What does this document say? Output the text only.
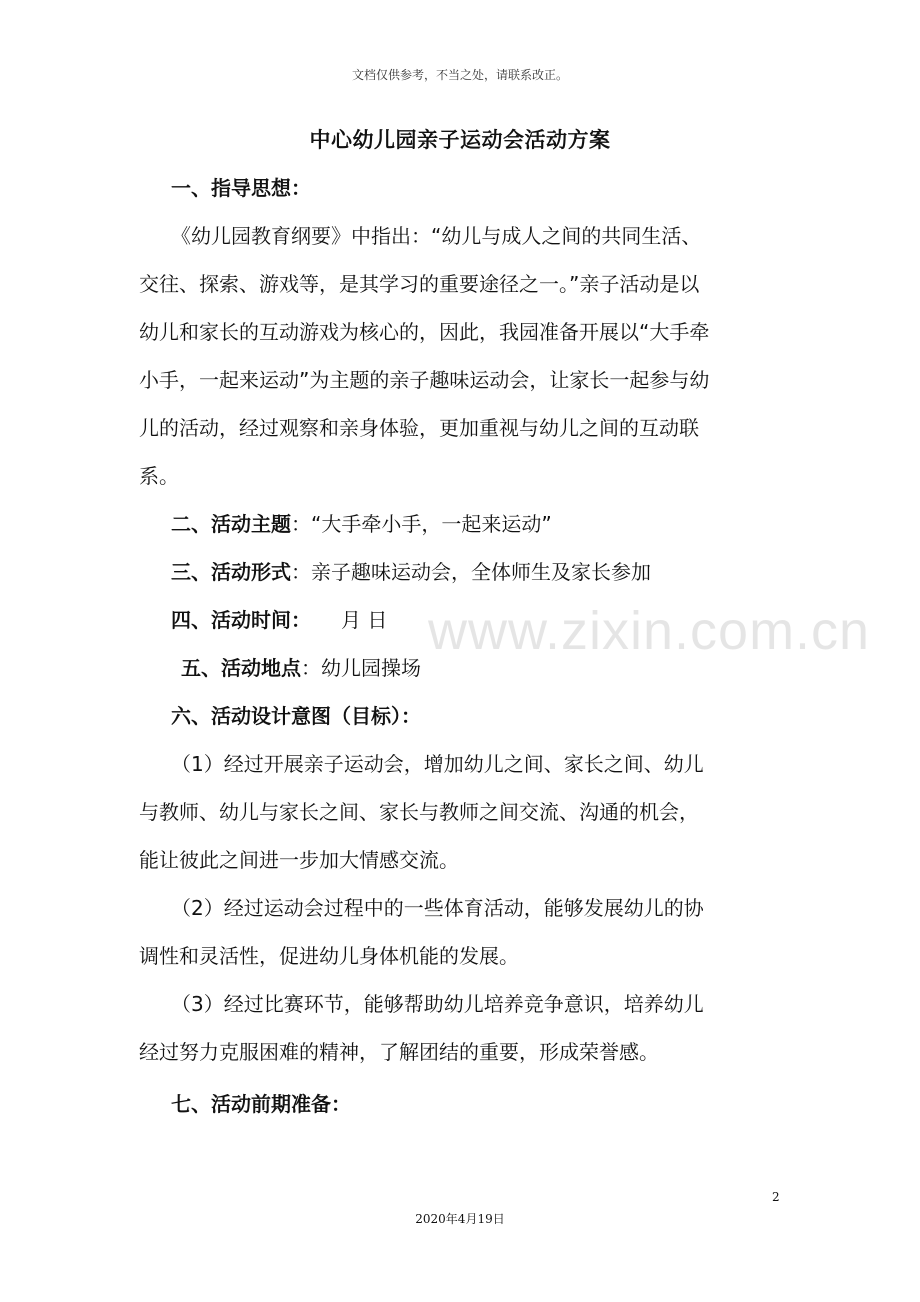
文档仅供参考，不当之处，请联系改正。
中心幼儿园亲子运动会活动方案
www.zixin.com.cn
一、指导思想：
《幼儿园教育纲要》中指出：“幼儿与成人之间的共同生活、
交往、探索、游戏等，是其学习的重要途径之一。”亲子活动是以
幼儿和家长的互动游戏为核心的，因此，我园准备开展以“大手牵
小手，一起来运动”为主题的亲子趣味运动会，让家长一起参与幼
儿的活动，经过观察和亲身体验，更加重视与幼儿之间的互动联
系。
二、活动主题：“大手牵小手，一起来运动”
三、活动形式：亲子趣味运动会，全体师生及家长参加
四、活动时间： 月 日
五、活动地点：幼儿园操场
六、活动设计意图（目标）：
（1）经过开展亲子运动会，增加幼儿之间、家长之间、幼儿
与教师、幼儿与家长之间、家长与教师之间交流、沟通的机会，
能让彼此之间进一步加大情感交流。
（2）经过运动会过程中的一些体育活动，能够发展幼儿的协
调性和灵活性，促进幼儿身体机能的发展。
（3）经过比赛环节，能够帮助幼儿培养竞争意识，培养幼儿
经过努力克服困难的精神，了解团结的重要，形成荣誉感。
七、活动前期准备：
2
2020年4月19日
